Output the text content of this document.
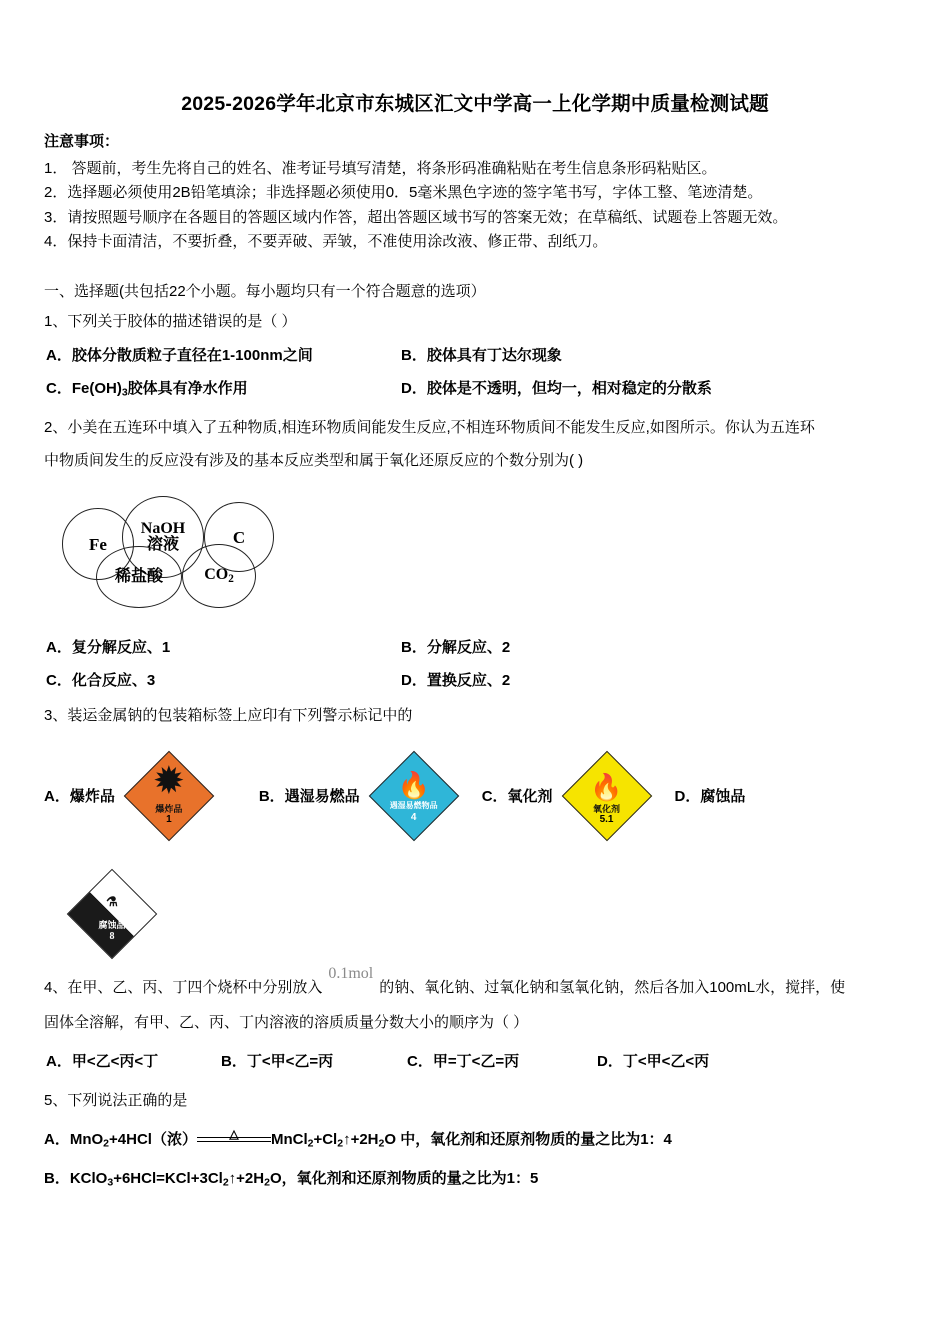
2025-2026学年北京市东城区汇文中学高一上化学期中质量检测试题
注意事项：

1． 答题前，考生先将自己的姓名、准考证号填写清楚，将条形码准确粘贴在考生信息条形码粘贴区。

2．选择题必须使用2B铅笔填涂；非选择题必须使用0．5毫米黑色字迹的签字笔书写，字体工整、笔迹清楚。

3．请按照题号顺序在各题目的答题区域内作答，超出答题区域书写的答案无效；在草稿纸、试题卷上答题无效。

4．保持卡面清洁，不要折叠，不要弄破、弄皱，不准使用涂改液、修正带、刮纸刀。

一、选择题(共包括22个小题。每小题均只有一个符合题意的选项）
1、下列关于胶体的描述错误的是（ ）
A．胶体分散质粒子直径在1-100nm之间	B．胶体具有丁达尔现象
C．$Fe(OH)_3$胶体具有净水作用	D．胶体是不透明，但均一，相对稳定的分散系
2、小美在五连环中填入了五种物质,相连环物质间能发生反应,不相连环物质间不能发生反应,如图所示。你认为五连环
中物质间发生的反应没有涉及的基本反应类型和属于氧化还原反应的个数分别为( )
Fe
NaOH
溶液	C
稀盐酸	$CO_2$
A．复分解反应、1	B．分解反应、2
C．化合反应、3	D．置换反应、2
3、装运金属钠的包装箱标签上应印有下列警示标记中的
A．爆炸品 ✹
爆炸品
1
B．遇湿易燃品	🔥
遇湿易燃物品
4
C．氧化剂	🔥
氧化剂
5.1
D．腐蚀品
⚗
腐蚀品
8
4、在甲、乙、丙、丁四个烧杯中分别放入0.1mol的钠、氧化钠、过氧化钠和氢氧化钠，然后各加入100mL水，搅拌，使
固体全溶解，有甲、乙、丙、丁内溶液的溶质质量分数大小的顺序为（ ）
A．甲<乙<丙<丁	B．丁<甲<乙=丙	C．甲=丁<乙=丙	D．丁<甲<乙<丙
5、下列说法正确的是
A．MnO$_2$+4HCl（浓）	△	$MnCl_2+Cl_2↑+2H_2O$ 中，氧化剂和还原剂物质的量之比为1：4
B．$KClO_3+6HCl=KCl+3Cl_2↑+2H_2O$，氧化剂和还原剂物质的量之比为1：5
